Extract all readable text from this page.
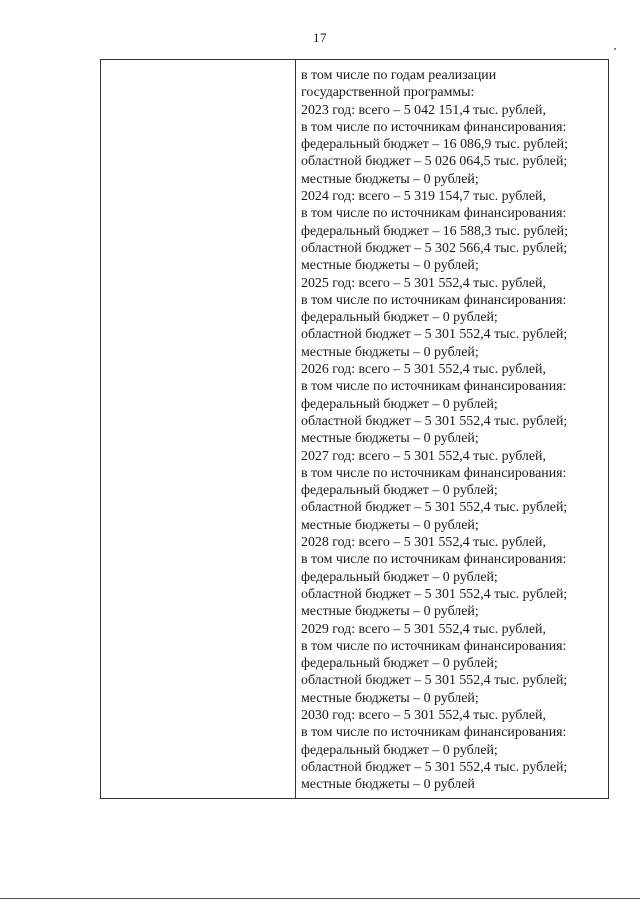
17
в том числе по годам реализации
государственной программы:
2023 год: всего – 5 042 151,4 тыс. рублей,
в том числе по источникам финансирования:
федеральный бюджет – 16 086,9 тыс. рублей;
областной бюджет – 5 026 064,5 тыс. рублей;
местные бюджеты – 0 рублей;
2024 год: всего – 5 319 154,7 тыс. рублей,
в том числе по источникам финансирования:
федеральный бюджет – 16 588,3 тыс. рублей;
областной бюджет – 5 302 566,4 тыс. рублей;
местные бюджеты – 0 рублей;
2025 год: всего – 5 301 552,4 тыс. рублей,
в том числе по источникам финансирования:
федеральный бюджет – 0 рублей;
областной бюджет – 5 301 552,4 тыс. рублей;
местные бюджеты – 0 рублей;
2026 год: всего – 5 301 552,4 тыс. рублей,
в том числе по источникам финансирования:
федеральный бюджет – 0 рублей;
областной бюджет – 5 301 552,4 тыс. рублей;
местные бюджеты – 0 рублей;
2027 год: всего – 5 301 552,4 тыс. рублей,
в том числе по источникам финансирования:
федеральный бюджет – 0 рублей;
областной бюджет – 5 301 552,4 тыс. рублей;
местные бюджеты – 0 рублей;
2028 год: всего – 5 301 552,4 тыс. рублей,
в том числе по источникам финансирования:
федеральный бюджет – 0 рублей;
областной бюджет – 5 301 552,4 тыс. рублей;
местные бюджеты – 0 рублей;
2029 год: всего – 5 301 552,4 тыс. рублей,
в том числе по источникам финансирования:
федеральный бюджет – 0 рублей;
областной бюджет – 5 301 552,4 тыс. рублей;
местные бюджеты – 0 рублей;
2030 год: всего – 5 301 552,4 тыс. рублей,
в том числе по источникам финансирования:
федеральный бюджет – 0 рублей;
областной бюджет – 5 301 552,4 тыс. рублей;
местные бюджеты – 0 рублей
